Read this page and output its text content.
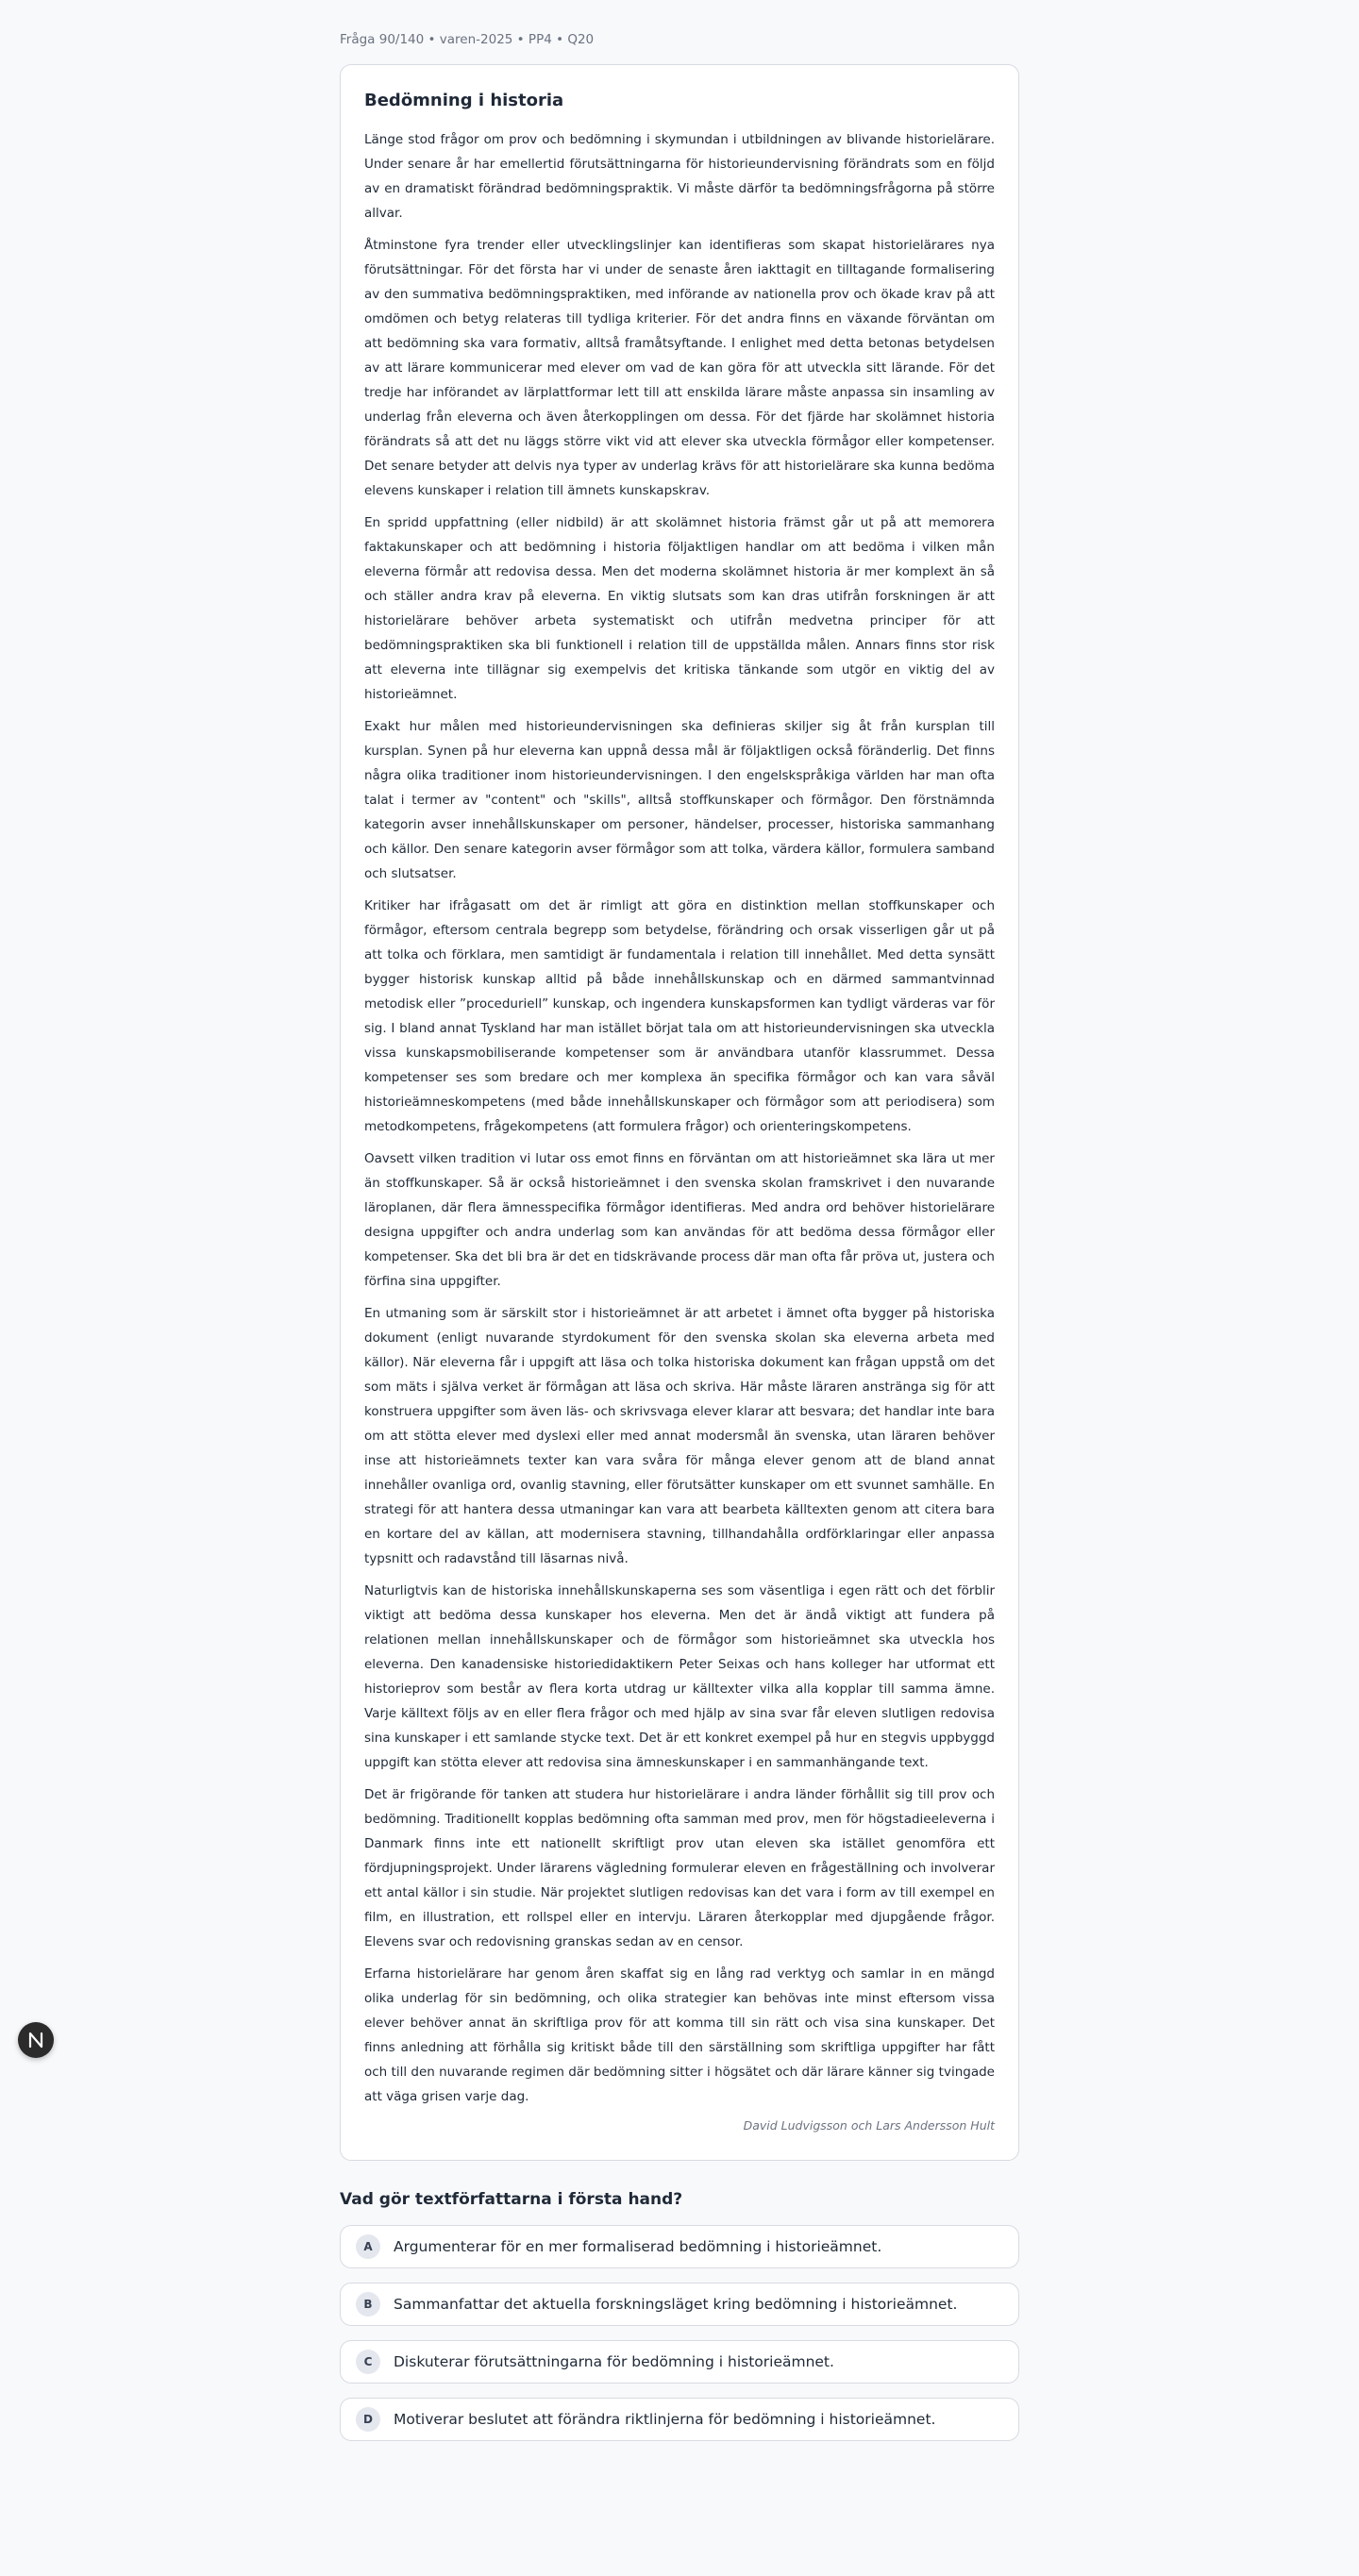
Fråga 90/140 • varen-2025 • PP4 • Q20
Bedömning i historia

Länge stod frågor om prov och bedömning i skymundan i utbildningen av blivande historielärare. Under senare år har emellertid förutsättningarna för historieundervisning förändrats som en följd av en dramatiskt förändrad bedömningspraktik. Vi måste därför ta bedömningsfrågorna på större allvar.

Åtminstone fyra trender eller utvecklingslinjer kan identifieras som skapat historielärares nya förutsättningar. För det första har vi under de senaste åren iakttagit en tilltagande formalisering av den summativa bedömningspraktiken, med införande av nationella prov och ökade krav på att omdömen och betyg relateras till tydliga kriterier. För det andra finns en växande förväntan om att bedömning ska vara formativ, alltså framåtsyftande. I enlighet med detta betonas betydelsen av att lärare kommunicerar med elever om vad de kan göra för att utveckla sitt lärande. För det tredje har införandet av lärplattformar lett till att enskilda lärare måste anpassa sin insamling av underlag från eleverna och även återkopplingen om dessa. För det fjärde har skolämnet historia förändrats så att det nu läggs större vikt vid att elever ska utveckla förmågor eller kompetenser. Det senare betyder att delvis nya typer av underlag krävs för att historielärare ska kunna bedöma elevens kunskaper i relation till ämnets kunskapskrav.

En spridd uppfattning (eller nidbild) är att skolämnet historia främst går ut på att memorera faktakunskaper och att bedömning i historia följaktligen handlar om att bedöma i vilken mån eleverna förmår att redovisa dessa. Men det moderna skolämnet historia är mer komplext än så och ställer andra krav på eleverna. En viktig slutsats som kan dras utifrån forskningen är att historielärare behöver arbeta systematiskt och utifrån medvetna principer för att bedömningspraktiken ska bli funktionell i relation till de uppställda målen. Annars finns stor risk att eleverna inte tillägnar sig exempelvis det kritiska tänkande som utgör en viktig del av historieämnet.

Exakt hur målen med historieundervisningen ska definieras skiljer sig åt från kursplan till kursplan. Synen på hur eleverna kan uppnå dessa mål är följaktligen också föränderlig. Det finns några olika traditioner inom historieundervisningen. I den engelskspråkiga världen har man ofta talat i termer av "content" och "skills", alltså stoffkunskaper och förmågor. Den förstnämnda kategorin avser innehållskunskaper om personer, händelser, processer, historiska sammanhang och källor. Den senare kategorin avser förmågor som att tolka, värdera källor, formulera samband och slutsatser.

Kritiker har ifrågasatt om det är rimligt att göra en distinktion mellan stoffkunskaper och förmågor, eftersom centrala begrepp som betydelse, förändring och orsak visserligen går ut på att tolka och förklara, men samtidigt är fundamentala i relation till innehållet. Med detta synsätt bygger historisk kunskap alltid på både innehållskunskap och en därmed sammantvinnad metodisk eller ”proceduriell” kunskap, och ingendera kunskapsformen kan tydligt värderas var för sig. I bland annat Tyskland har man istället börjat tala om att historieundervisningen ska utveckla vissa kunskapsmobiliserande kompetenser som är användbara utanför klassrummet. Dessa kompetenser ses som bredare och mer komplexa än specifika förmågor och kan vara såväl historieämneskompetens (med både innehållskunskaper och förmågor som att periodisera) som metodkompetens, frågekompetens (att formulera frågor) och orienteringskompetens.

Oavsett vilken tradition vi lutar oss emot finns en förväntan om att historieämnet ska lära ut mer än stoffkunskaper. Så är också historieämnet i den svenska skolan framskrivet i den nuvarande läroplanen, där flera ämnesspecifika förmågor identifieras. Med andra ord behöver historielärare designa uppgifter och andra underlag som kan användas för att bedöma dessa förmågor eller kompetenser. Ska det bli bra är det en tidskrävande process där man ofta får pröva ut, justera och förfina sina uppgifter.

En utmaning som är särskilt stor i historieämnet är att arbetet i ämnet ofta bygger på historiska dokument (enligt nuvarande styrdokument för den svenska skolan ska eleverna arbeta med källor). När eleverna får i uppgift att läsa och tolka historiska dokument kan frågan uppstå om det som mäts i själva verket är förmågan att läsa och skriva. Här måste läraren anstränga sig för att konstruera uppgifter som även läs- och skrivsvaga elever klarar att besvara; det handlar inte bara om att stötta elever med dyslexi eller med annat modersmål än svenska, utan läraren behöver inse att historieämnets texter kan vara svåra för många elever genom att de bland annat innehåller ovanliga ord, ovanlig stavning, eller förutsätter kunskaper om ett svunnet samhälle. En strategi för att hantera dessa utmaningar kan vara att bearbeta källtexten genom att citera bara en kortare del av källan, att modernisera stavning, tillhandahålla ordförklaringar eller anpassa typsnitt och radavstånd till läsarnas nivå.

Naturligtvis kan de historiska innehållskunskaperna ses som väsentliga i egen rätt och det förblir viktigt att bedöma dessa kunskaper hos eleverna. Men det är ändå viktigt att fundera på relationen mellan innehållskunskaper och de förmågor som historieämnet ska utveckla hos eleverna. Den kanadensiske historiedidaktikern Peter Seixas och hans kolleger har utformat ett historieprov som består av flera korta utdrag ur källtexter vilka alla kopplar till samma ämne. Varje källtext följs av en eller flera frågor och med hjälp av sina svar får eleven slutligen redovisa sina kunskaper i ett samlande stycke text. Det är ett konkret exempel på hur en stegvis uppbyggd uppgift kan stötta elever att redovisa sina ämneskunskaper i en sammanhängande text.

Det är frigörande för tanken att studera hur historielärare i andra länder förhållit sig till prov och bedömning. Traditionellt kopplas bedömning ofta samman med prov, men för högstadieeleverna i Danmark finns inte ett nationellt skriftligt prov utan eleven ska istället genomföra ett fördjupningsprojekt. Under lärarens vägledning formulerar eleven en frågeställning och involverar ett antal källor i sin studie. När projektet slutligen redovisas kan det vara i form av till exempel en film, en illustration, ett rollspel eller en intervju. Läraren återkopplar med djupgående frågor. Elevens svar och redovisning granskas sedan av en censor.

Erfarna historielärare har genom åren skaffat sig en lång rad verktyg och samlar in en mängd olika underlag för sin bedömning, och olika strategier kan behövas inte minst eftersom vissa elever behöver annat än skriftliga prov för att komma till sin rätt och visa sina kunskaper. Det finns anledning att förhålla sig kritiskt både till den särställning som skriftliga uppgifter har fått och till den nuvarande regimen där bedömning sitter i högsätet och där lärare känner sig tvingade att väga grisen varje dag.

David Ludvigsson och Lars Andersson Hult
Vad gör textförfattarna i första hand?
A	Argumenterar för en mer formaliserad bedömning i historieämnet.
B	Sammanfattar det aktuella forskningsläget kring bedömning i historieämnet.
C	Diskuterar förutsättningarna för bedömning i historieämnet.
D	Motiverar beslutet att förändra riktlinjerna för bedömning i historieämnet.
